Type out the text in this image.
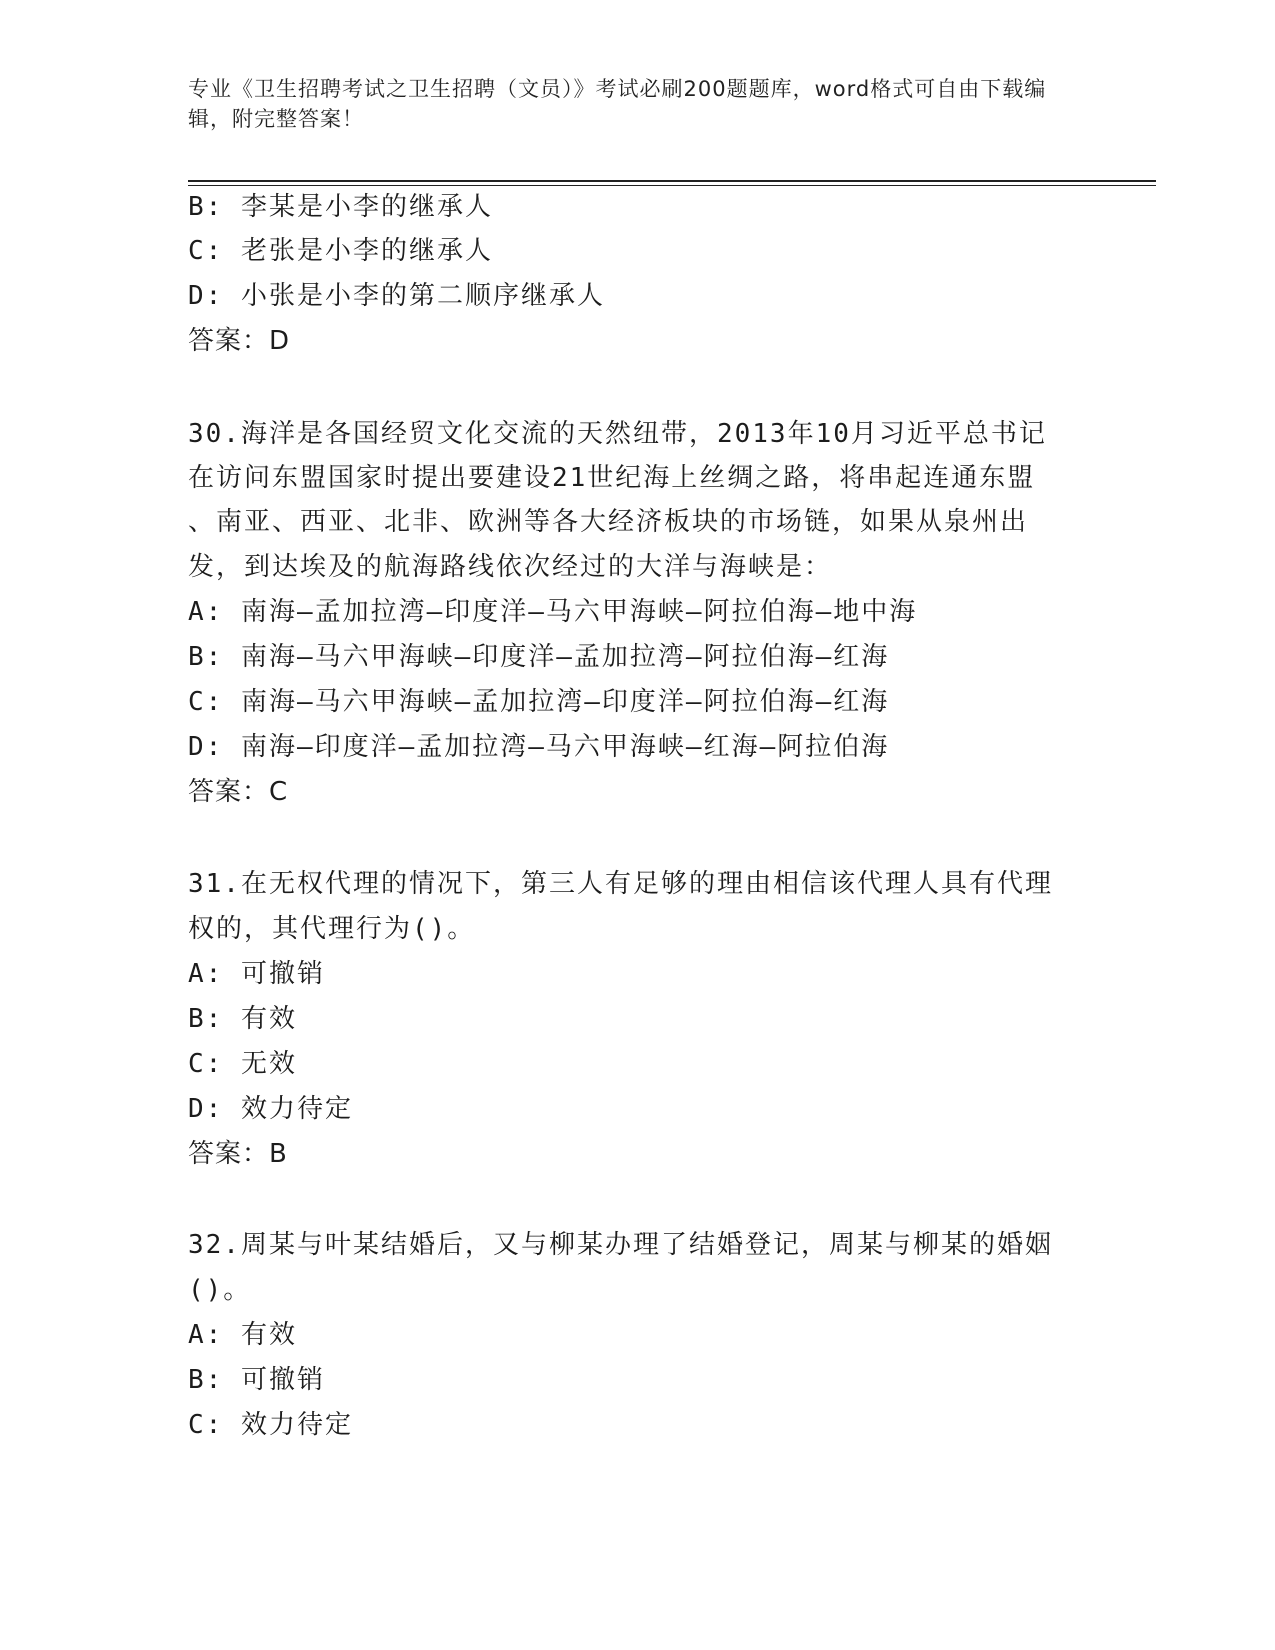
专业《卫生招聘考试之卫生招聘（文员）》考试必刷200题题库，word格式可自由下载编辑，附完整答案！
B: 李某是小李的继承人
C: 老张是小李的继承人
D: 小张是小李的第二顺序继承人
答案：D
30.海洋是各国经贸文化交流的天然纽带，2013年10月习近平总书记
在访问东盟国家时提出要建设21世纪海上丝绸之路，将串起连通东盟
、南亚、西亚、北非、欧洲等各大经济板块的市场链，如果从泉州出
发，到达埃及的航海路线依次经过的大洋与海峡是：
A: 南海—孟加拉湾—印度洋—马六甲海峡—阿拉伯海—地中海
B: 南海—马六甲海峡—印度洋—孟加拉湾—阿拉伯海—红海
C: 南海—马六甲海峡—孟加拉湾—印度洋—阿拉伯海—红海
D: 南海—印度洋—孟加拉湾—马六甲海峡—红海—阿拉伯海
答案：C
31.在无权代理的情况下，第三人有足够的理由相信该代理人具有代理
权的，其代理行为()。
A: 可撤销
B: 有效
C: 无效
D: 效力待定
答案：B
32.周某与叶某结婚后，又与柳某办理了结婚登记，周某与柳某的婚姻
()。
A: 有效
B: 可撤销
C: 效力待定
